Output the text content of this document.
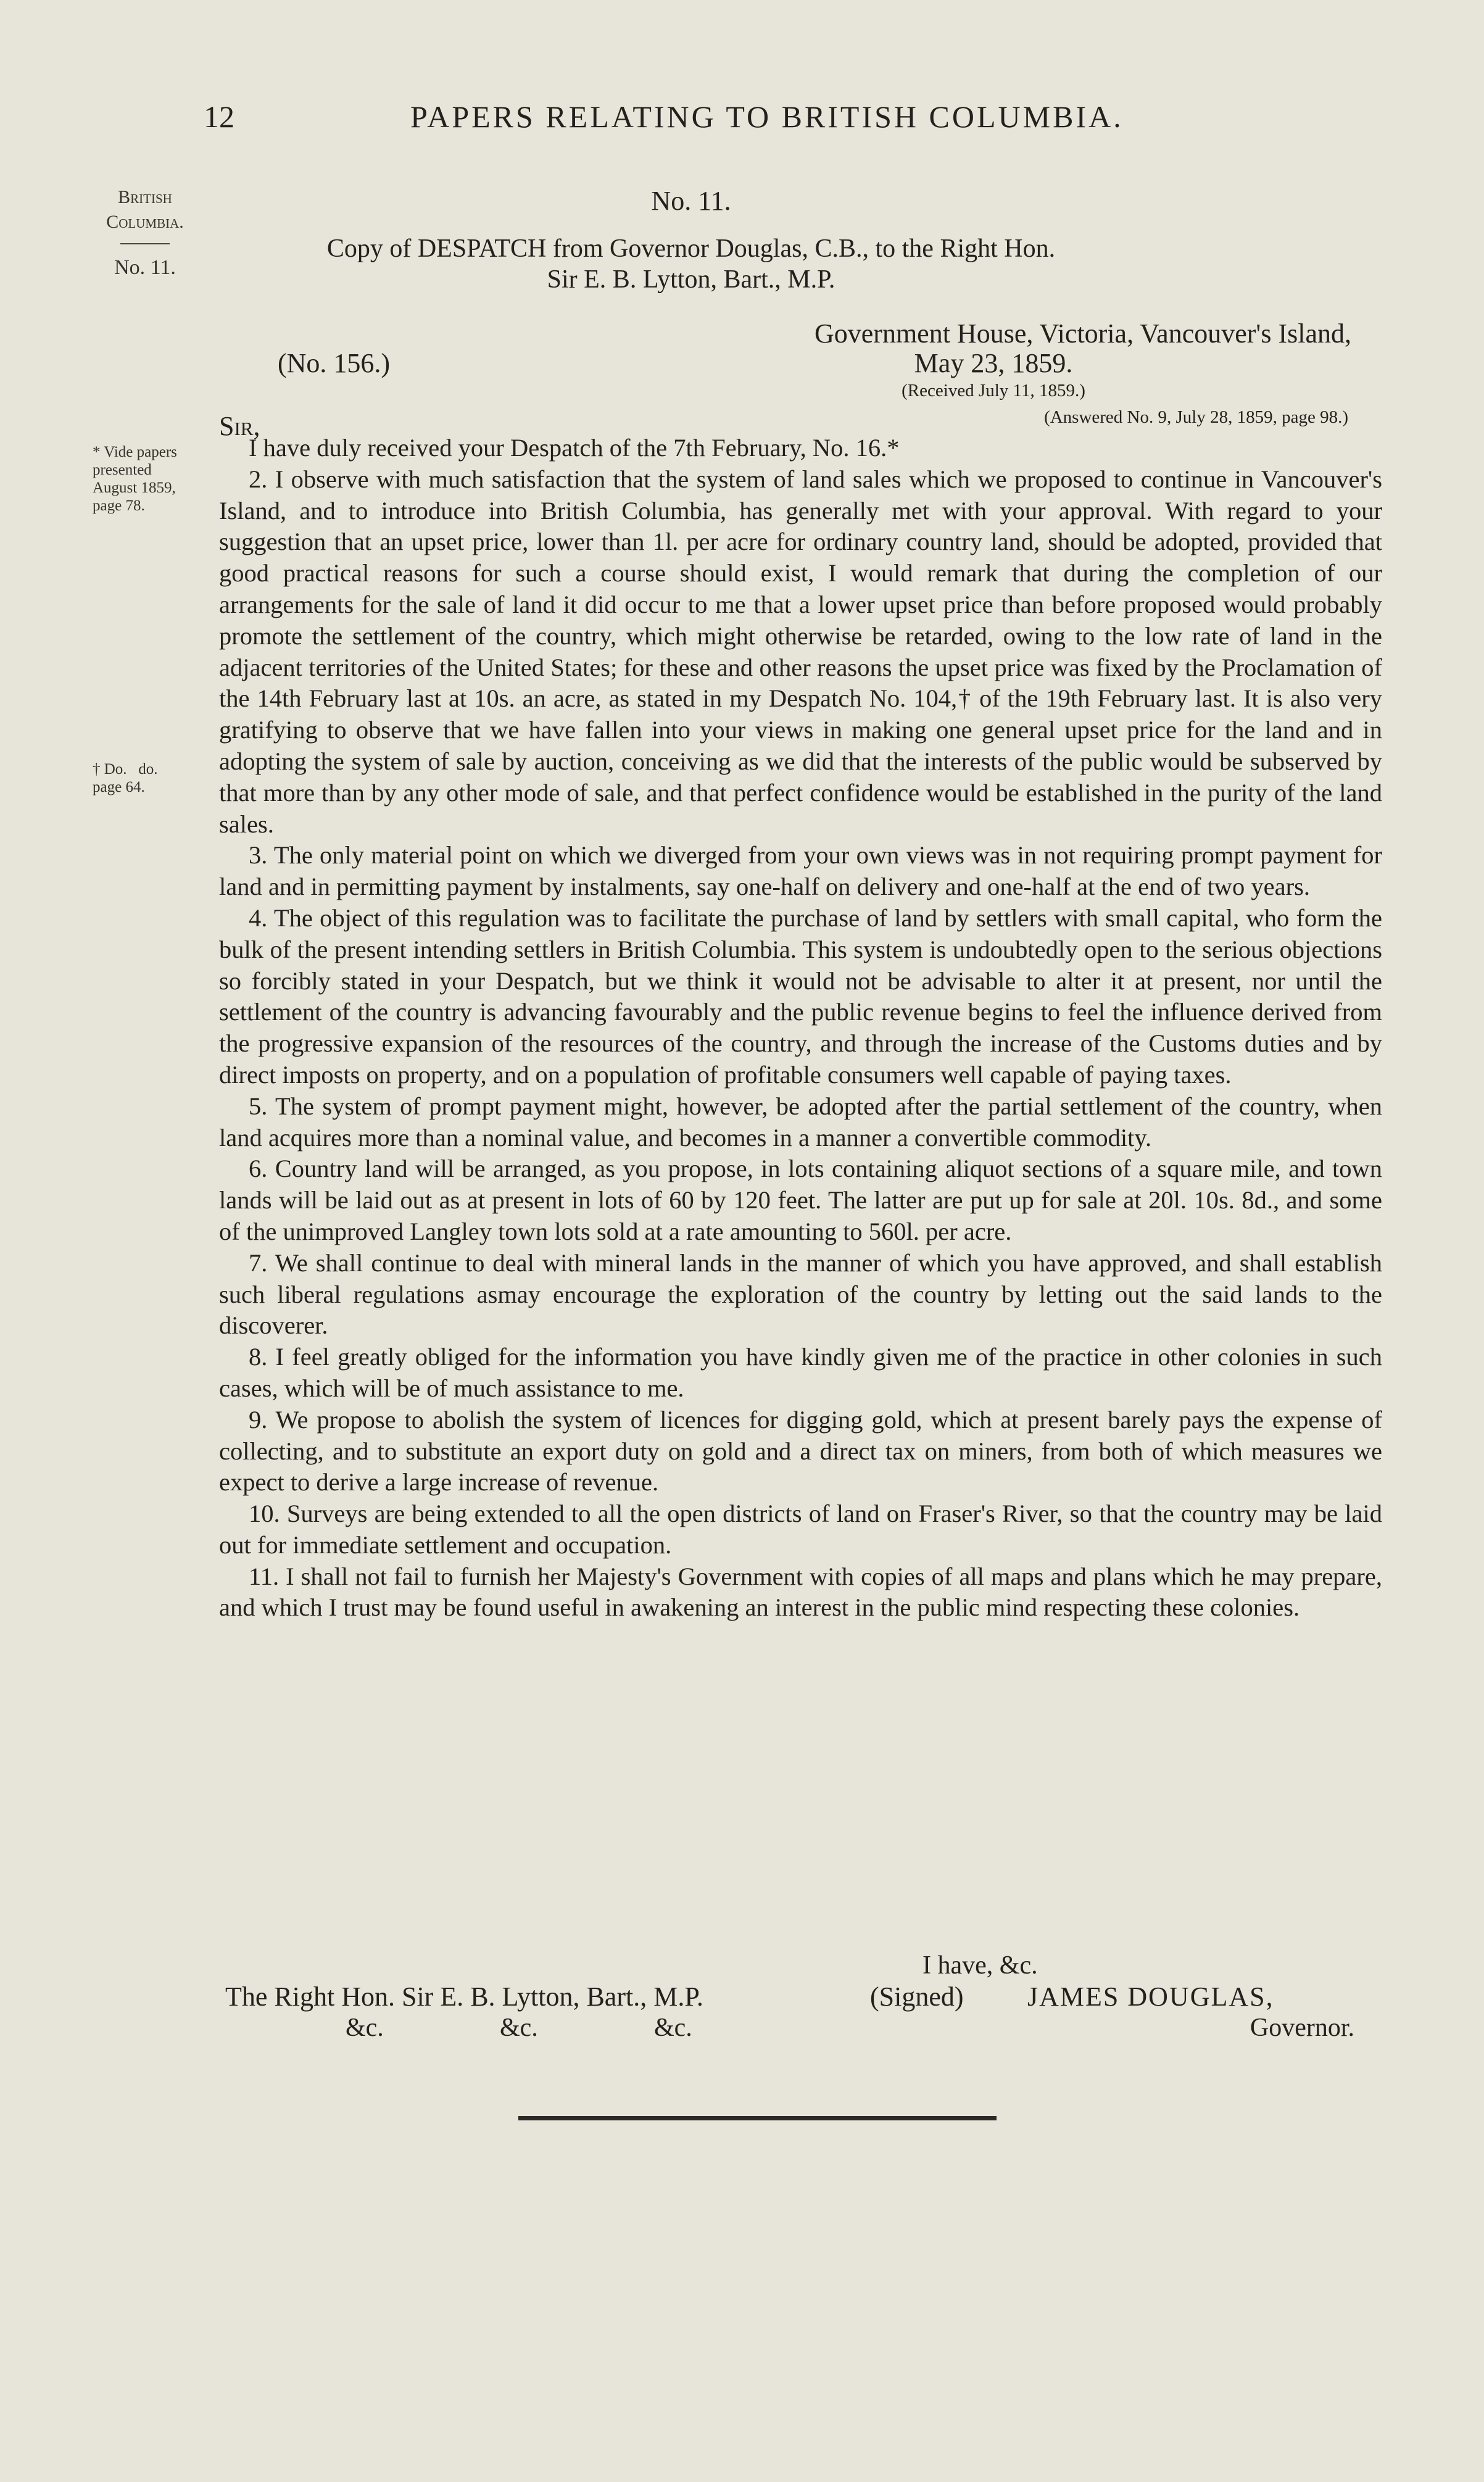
12	PAPERS RELATING TO BRITISH COLUMBIA.
British
Columbia.
No. 11.
* Vide papers
presented
August 1859,
page 78.
† Do.   do.
page 64.
No. 11.
Copy of DESPATCH from Governor Douglas, C.B., to the Right Hon.
Sir E. B. Lytton, Bart., M.P.
Government House, Victoria, Vancouver's Island,
(No. 156.)	May 23, 1859.
(Received July 11, 1859.)
(Answered No. 9, July 28, 1859, page 98.)
Sir,

I have duly received your Despatch of the 7th February, No. 16.*

2. I observe with much satisfaction that the system of land sales which we proposed to continue in Vancouver's Island, and to introduce into British Columbia, has generally met with your approval. With regard to your suggestion that an upset price, lower than 1l. per acre for ordinary country land, should be adopted, provided that good practical reasons for such a course should exist, I would remark that during the completion of our arrangements for the sale of land it did occur to me that a lower upset price than before proposed would probably promote the settlement of the country, which might otherwise be retarded, owing to the low rate of land in the adjacent territories of the United States; for these and other reasons the upset price was fixed by the Proclamation of the 14th February last at 10s. an acre, as stated in my Despatch No. 104,† of the 19th February last. It is also very gratifying to observe that we have fallen into your views in making one general upset price for the land and in adopting the system of sale by auction, conceiving as we did that the interests of the public would be subserved by that more than by any other mode of sale, and that perfect confidence would be established in the purity of the land sales.

3. The only material point on which we diverged from your own views was in not requiring prompt payment for land and in permitting payment by instalments, say one-half on delivery and one-half at the end of two years.

4. The object of this regulation was to facilitate the purchase of land by settlers with small capital, who form the bulk of the present intending settlers in British Columbia. This system is undoubtedly open to the serious objections so forcibly stated in your Despatch, but we think it would not be advisable to alter it at present, nor until the settlement of the country is advancing favourably and the public revenue begins to feel the influence derived from the progressive expansion of the resources of the country, and through the increase of the Customs duties and by direct imposts on property, and on a population of profitable consumers well capable of paying taxes.

5. The system of prompt payment might, however, be adopted after the partial settlement of the country, when land acquires more than a nominal value, and becomes in a manner a convertible commodity.

6. Country land will be arranged, as you propose, in lots containing aliquot sections of a square mile, and town lands will be laid out as at present in lots of 60 by 120 feet. The latter are put up for sale at 20l. 10s. 8d., and some of the unimproved Langley town lots sold at a rate amounting to 560l. per acre.

7. We shall continue to deal with mineral lands in the manner of which you have approved, and shall establish such liberal regulations asmay encourage the exploration of the country by letting out the said lands to the discoverer.

8. I feel greatly obliged for the information you have kindly given me of the practice in other colonies in such cases, which will be of much assistance to me.

9. We propose to abolish the system of licences for digging gold, which at present barely pays the expense of collecting, and to substitute an export duty on gold and a direct tax on miners, from both of which measures we expect to derive a large increase of revenue.

10. Surveys are being extended to all the open districts of land on Fraser's River, so that the country may be laid out for immediate settlement and occupation.

11. I shall not fail to furnish her Majesty's Government with copies of all maps and plans which he may prepare, and which I trust may be found useful in awakening an interest in the public mind respecting these colonies.

I have, &c.
The Right Hon. Sir E. B. Lytton, Bart., M.P.	(Signed) JAMES DOUGLAS,
&c.	&c.	&c.	Governor.
